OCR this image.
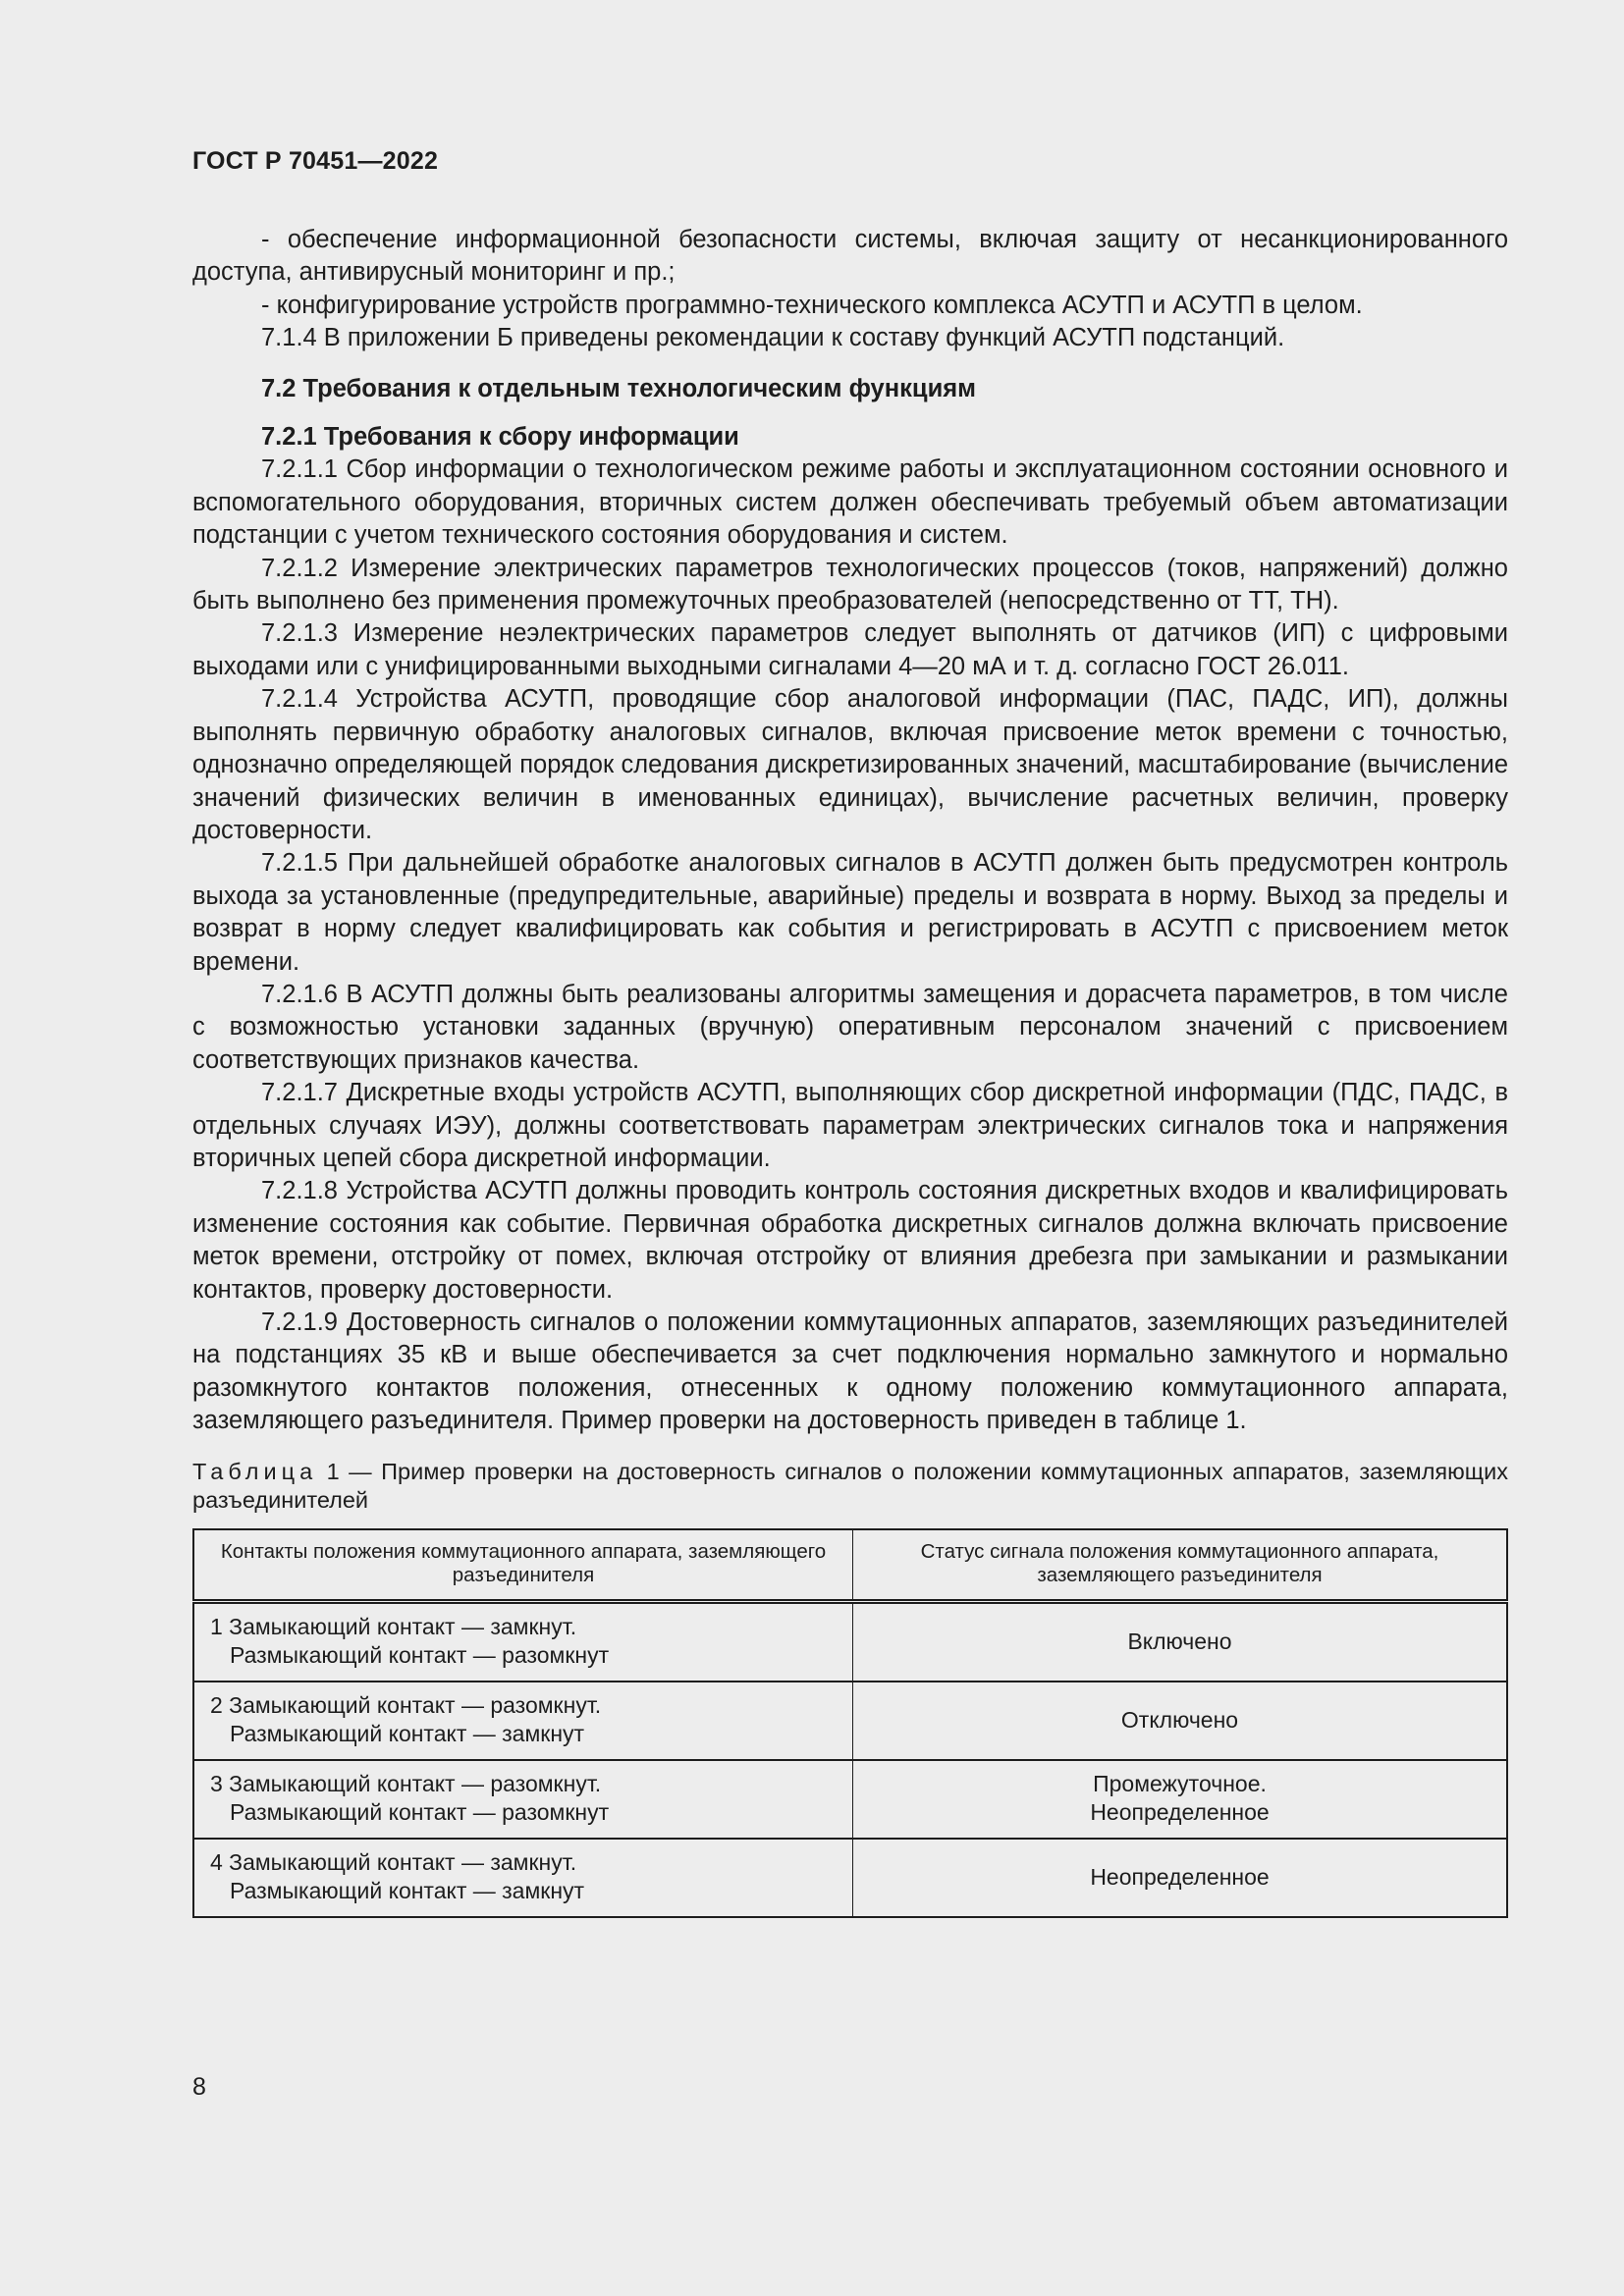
ГОСТ Р 70451—2022

- обеспечение информационной безопасности системы, включая защиту от несанкционированного доступа, антивирусный мониторинг и пр.;

- конфигурирование устройств программно-технического комплекса АСУТП и АСУТП в целом.

7.1.4 В приложении Б приведены рекомендации к составу функций АСУТП подстанций.

7.2 Требования к отдельным технологическим функциям
7.2.1 Требования к сбору информации

7.2.1.1 Сбор информации о технологическом режиме работы и эксплуатационном состоянии основного и вспомогательного оборудования, вторичных систем должен обеспечивать требуемый объем автоматизации подстанции с учетом технического состояния оборудования и систем.

7.2.1.2 Измерение электрических параметров технологических процессов (токов, напряжений) должно быть выполнено без применения промежуточных преобразователей (непосредственно от ТТ, ТН).

7.2.1.3 Измерение неэлектрических параметров следует выполнять от датчиков (ИП) с цифровыми выходами или с унифицированными выходными сигналами 4—20 мА и т. д. согласно ГОСТ 26.011.

7.2.1.4 Устройства АСУТП, проводящие сбор аналоговой информации (ПАС, ПАДС, ИП), должны выполнять первичную обработку аналоговых сигналов, включая присвоение меток времени с точностью, однозначно определяющей порядок следования дискретизированных значений, масштабирование (вычисление значений физических величин в именованных единицах), вычисление расчетных величин, проверку достоверности.

7.2.1.5 При дальнейшей обработке аналоговых сигналов в АСУТП должен быть предусмотрен контроль выхода за установленные (предупредительные, аварийные) пределы и возврата в норму. Выход за пределы и возврат в норму следует квалифицировать как события и регистрировать в АСУТП с присвоением меток времени.

7.2.1.6 В АСУТП должны быть реализованы алгоритмы замещения и дорасчета параметров, в том числе с возможностью установки заданных (вручную) оперативным персоналом значений с присвоением соответствующих признаков качества.

7.2.1.7 Дискретные входы устройств АСУТП, выполняющих сбор дискретной информации (ПДС, ПАДС, в отдельных случаях ИЭУ), должны соответствовать параметрам электрических сигналов тока и напряжения вторичных цепей сбора дискретной информации.

7.2.1.8 Устройства АСУТП должны проводить контроль состояния дискретных входов и квалифицировать изменение состояния как событие. Первичная обработка дискретных сигналов должна включать присвоение меток времени, отстройку от помех, включая отстройку от влияния дребезга при замыкании и размыкании контактов, проверку достоверности.

7.2.1.9 Достоверность сигналов о положении коммутационных аппаратов, заземляющих разъединителей на подстанциях 35 кВ и выше обеспечивается за счет подключения нормально замкнутого и нормально разомкнутого контактов положения, отнесенных к одному положению коммутационного аппарата, заземляющего разъединителя. Пример проверки на достоверность приведен в таблице 1.

Таблица 1 — Пример проверки на достоверность сигналов о положении коммутационных аппаратов, заземляющих разъединителей
Контакты положения коммутационного аппарата, заземляющего разъединителя	Статус сигнала положения коммутационного аппарата, заземляющего разъединителя

1 Замыкающий контакт — замкнут.
Размыкающий контакт — разомкнут	Включено

2 Замыкающий контакт — разомкнут.
Размыкающий контакт — замкнут	Отключено

3 Замыкающий контакт — разомкнут.
Размыкающий контакт — разомкнут	Промежуточное.
Неопределенное

4 Замыкающий контакт — замкнут.
Размыкающий контакт — замкнут	Неопределенное
8
